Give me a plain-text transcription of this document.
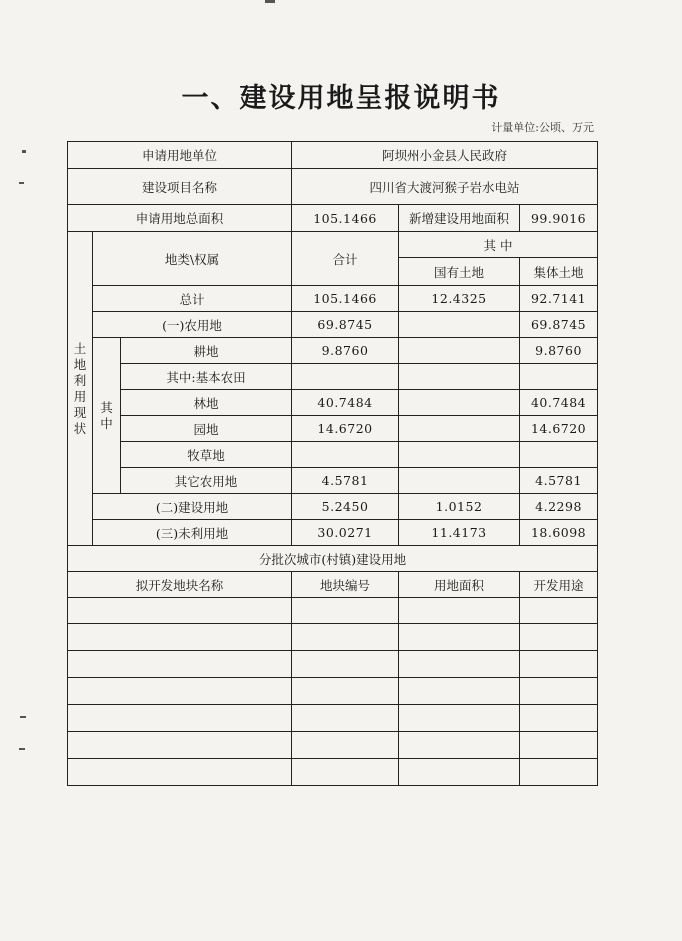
一、建设用地呈报说明书
计量单位:公顷、万元
申请用地单位			阿坝州小金县人民政府		
建设项目名称			四川省大渡河猴子岩水电站		
申请用地总面积			105.1466	新增建设用地面积	99.9016

土地利用现状	地类\权属		合计	其 中	
				国有土地	集体土地
	总计		105.1466	12.4325	92.7141
	(一)农用地		69.8745		69.8745

	其中	耕地	9.8760		9.8760
		其中:基本农田			
		林地	40.7484		40.7484
		园地	14.6720		14.6720
		牧草地			
		其它农用地	4.5781		4.5781
	(二)建设用地		5.2450	1.0152	4.2298
	(三)未利用地		30.0271	11.4173	18.6098
分批次城市(村镇)建设用地					
拟开发地块名称			地块编号	用地面积	开发用途
